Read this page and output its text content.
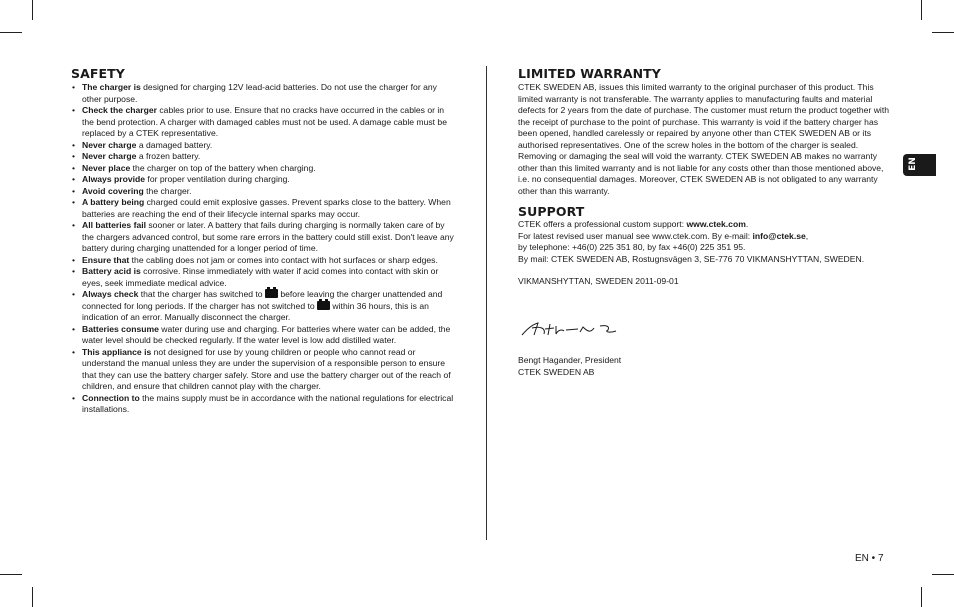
SAFETY
• The charger is designed for charging 12V lead-acid batteries. Do not use the charger for any other purpose.
• Check the charger cables prior to use. Ensure that no cracks have occurred in the cables or in the bend protection. A charger with damaged cables must not be used. A damage cable must be replaced by a CTEK representative.
• Never charge a damaged battery.
• Never charge a frozen battery.
• Never place the charger on top of the battery when charging.
• Always provide for proper ventilation during charging.
• Avoid covering the charger.
• A battery being charged could emit explosive gasses. Prevent sparks close to the battery. When batteries are reaching the end of their lifecycle internal sparks may occur.
• All batteries fail sooner or later. A battery that fails during charging is normally taken care of by the chargers advanced control, but some rare errors in the battery could still exist. Don't leave any battery during charging unattended for a longer period of time.
• Ensure that the cabling does not jam or comes into contact with hot surfaces or sharp edges.
• Battery acid is corrosive. Rinse immediately with water if acid comes into contact with skin or eyes, seek immediate medical advice.
• Always check that the charger has switched to  before leaving the charger unattended and connected for long periods. If the charger has not switched to  within 36 hours, this is an indication of an error. Manually disconnect the charger.
• Batteries consume water during use and charging. For batteries where water can be added, the water level should be checked regularly. If the water level is low add distilled water.
• This appliance is not designed for use by young children or people who cannot read or understand the manual unless they are under the supervision of a responsible person to ensure that they can use the battery charger safely. Store and use the battery charger out of the reach of children, and ensure that children cannot play with the charger.
• Connection to the mains supply must be in accordance with the national regulations for electrical installations.
LIMITED WARRANTY

CTEK SWEDEN AB, issues this limited warranty to the original purchaser of this product. This limited warranty is not transferable. The warranty applies to manufacturing faults and material defects for 2 years from the date of purchase. The customer must return the product together with the receipt of purchase to the point of purchase. This warranty is void if the battery charger has been opened, handled carelessly or repaired by anyone other than CTEK SWEDEN AB or its authorised representatives. One of the screw holes in the bottom of the charger is sealed. Removing or damaging the seal will void the warranty. CTEK SWEDEN AB makes no warranty other than this limited warranty and is not liable for any costs other than those mentioned above, i.e. no consequential damages. Moreover, CTEK SWEDEN AB is not obligated to any warranty other than this warranty.

SUPPORT

CTEK offers a professional custom support: www.ctek.com.

For latest revised user manual see www.ctek.com. By e-mail: info@ctek.se,

by telephone: +46(0) 225 351 80, by fax +46(0) 225 351 95.

By mail: CTEK SWEDEN AB, Rostugnsvägen 3, SE-776 70 VIKMANSHYTTAN, SWEDEN.

VIKMANSHYTTAN, SWEDEN 2011-09-01

Bengt Hagander, President

CTEK SWEDEN AB

EN
EN • 7
